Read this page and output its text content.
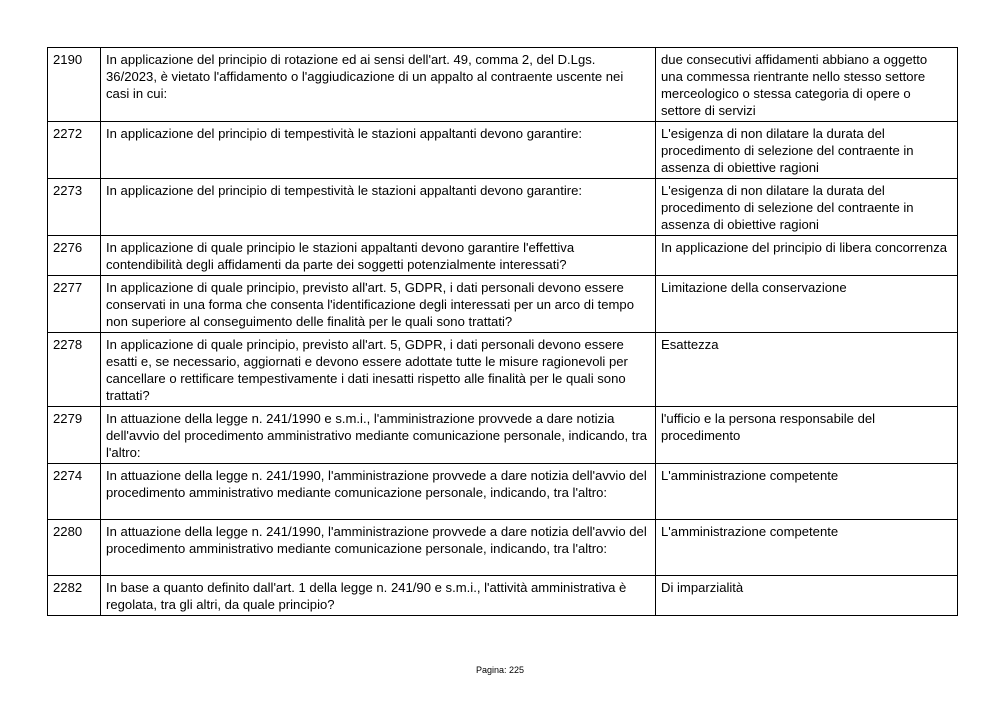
2190	In applicazione del principio di rotazione ed ai sensi dell'art. 49, comma 2, del D.Lgs. 36/2023, è vietato l'affidamento o l'aggiudicazione di un appalto al contraente uscente nei casi in cui:	due consecutivi affidamenti abbiano a oggetto una commessa rientrante nello stesso settore merceologico o stessa categoria di opere o settore di servizi
2272	In applicazione del principio di tempestività le stazioni appaltanti devono garantire:	L'esigenza di non dilatare la durata del procedimento di selezione del contraente in assenza di obiettive ragioni
2273	In applicazione del principio di tempestività le stazioni appaltanti devono garantire:	L'esigenza di non dilatare la durata del procedimento di selezione del contraente in assenza di obiettive ragioni
2276	In applicazione di quale principio le stazioni appaltanti devono garantire l'effettiva contendibilità degli affidamenti da parte dei soggetti potenzialmente interessati?	In applicazione del principio di libera concorrenza
2277	In applicazione di quale principio, previsto all'art. 5, GDPR, i dati personali devono essere conservati in una forma che consenta l'identificazione degli interessati per un arco di tempo non superiore al conseguimento delle finalità per le quali sono trattati?	Limitazione della conservazione
2278	In applicazione di quale principio, previsto all'art. 5, GDPR, i dati personali devono essere esatti e, se necessario, aggiornati e devono essere adottate tutte le misure ragionevoli per cancellare o rettificare tempestivamente i dati inesatti rispetto alle finalità per le quali sono trattati?	Esattezza
2279	In attuazione della legge n. 241/1990 e s.m.i., l'amministrazione provvede a dare notizia dell'avvio del procedimento amministrativo mediante comunicazione personale, indicando, tra l'altro:	l'ufficio e la persona responsabile del procedimento
2274	In attuazione della legge n. 241/1990, l'amministrazione provvede a dare notizia dell'avvio del procedimento amministrativo mediante comunicazione personale, indicando, tra l'altro:	L'amministrazione competente
2280	In attuazione della legge n. 241/1990, l'amministrazione provvede a dare notizia dell'avvio del procedimento amministrativo mediante comunicazione personale, indicando, tra l'altro:	L'amministrazione competente
2282	In base a quanto definito dall'art. 1 della legge n. 241/90 e s.m.i., l'attività amministrativa è regolata, tra gli altri, da quale principio?	Di imparzialità
Pagina: 225
